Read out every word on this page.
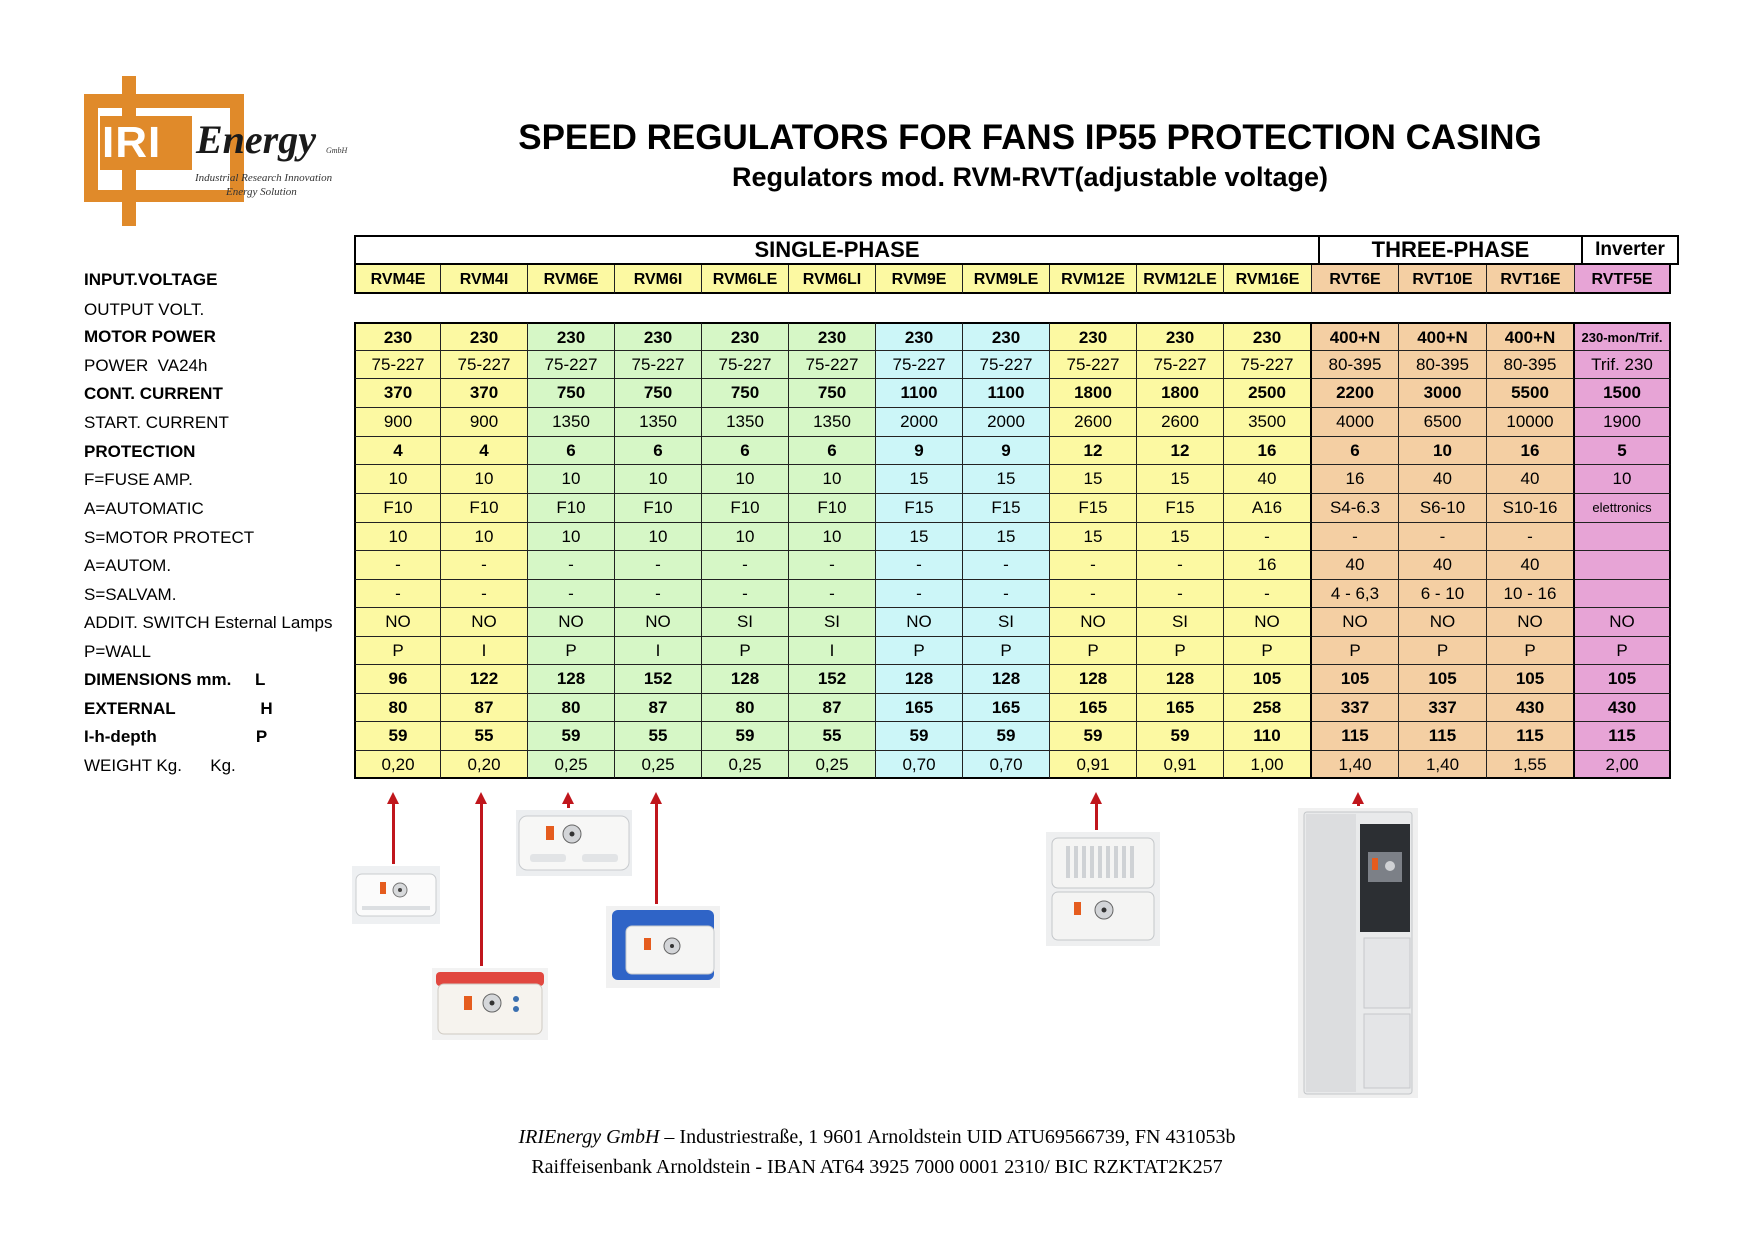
IRI Energy GmbH
Industrial Research Innovation
Energy Solution
SPEED REGULATORS FOR FANS IP55 PROTECTION CASING
Regulators mod. RVM-RVT(adjustable voltage)
SINGLE-PHASE	THREE-PHASE	Inverter
INPUT.VOLTAGE	RVM4E	RVM4I	RVM6E	RVM6I	RVM6LE	RVM6LI	RVM9E	RVM9LE	RVM12E	RVM12LE	RVM16E	RVT6E	RVT10E	RVT16E	RVTF5E
OUTPUT VOLT.
MOTOR POWER	230	230	230	230	230	230	230	230	230	230	230	400+N	400+N	400+N	230-mon/Trif.
POWER  VA24h	75-227	75-227	75-227	75-227	75-227	75-227	75-227	75-227	75-227	75-227	75-227	80-395	80-395	80-395	Trif. 230
CONT. CURRENT	370	370	750	750	750	750	1100	1100	1800	1800	2500	2200	3000	5500	1500
START. CURRENT	900	900	1350	1350	1350	1350	2000	2000	2600	2600	3500	4000	6500	10000	1900
PROTECTION	4	4	6	6	6	6	9	9	12	12	16	6	10	16	5
F=FUSE AMP.	10	10	10	10	10	10	15	15	15	15	40	16	40	40	10
A=AUTOMATIC	F10	F10	F10	F10	F10	F10	F15	F15	F15	F15	A16	S4-6.3	S6-10	S10-16	elettronics
S=MOTOR PROTECT	10	10	10	10	10	10	15	15	15	15	-	-	-	-
A=AUTOM.	-	-	-	-	-	-	-	-	-	-	16	40	40	40
S=SALVAM.	-	-	-	-	-	-	-	-	-	-	-	4 - 6,3	6 - 10	10 - 16
ADDIT. SWITCH Esternal Lamps	NO	NO	NO	NO	SI	SI	NO	SI	NO	SI	NO	NO	NO	NO	NO
P=WALL	P	I	P	I	P	I	P	P	P	P	P	P	P	P	P
DIMENSIONS mm.     L	96	122	128	152	128	152	128	128	128	128	105	105	105	105	105
EXTERNAL                  H	80	87	80	87	80	87	165	165	165	165	258	337	337	430	430
I-h-depth                     P	59	55	59	55	59	55	59	59	59	59	110	115	115	115	115
WEIGHT Kg.      Kg.	0,20	0,20	0,25	0,25	0,25	0,25	0,70	0,70	0,91	0,91	1,00	1,40	1,40	1,55	2,00
IRIEnergy GmbH – Industriestraße, 1 9601 Arnoldstein UID ATU69566739, FN 431053b
Raiffeisenbank Arnoldstein - IBAN AT64 3925 7000 0001 2310/ BIC RZKTAT2K257
